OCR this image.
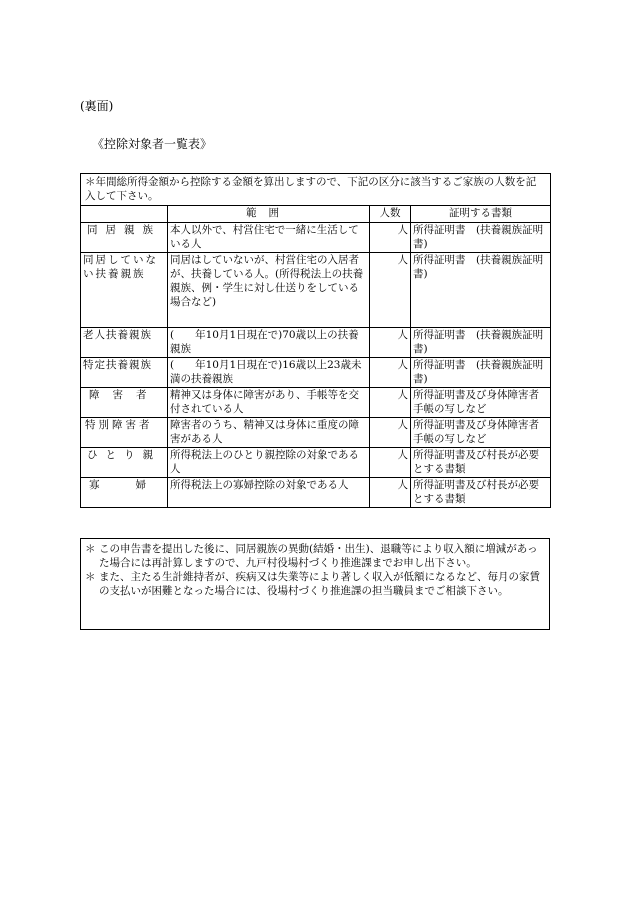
(裏面)
《控除対象者一覧表》
＊年間総所得金額から控除する金額を算出しますので、下記の区分に該当するご家族の人数を記入して下さい。			
	範囲	人数	証明する書類
同居親族	本人以外で、村営住宅で一緒に生活している人	人	所得証明書　(扶養親族証明書)
同居していない扶養親族	同居はしていないが、村営住宅の入居者が、扶養している人。(所得税法上の扶養親族、例・学生に対し仕送りをしている場合など)	人	所得証明書　(扶養親族証明書)
老人扶養親族	(　　年10月1日現在で)70歳以上の扶養親族	人	所得証明書　(扶養親族証明書)
特定扶養親族	(　　年10月1日現在で)16歳以上23歳未満の扶養親族	人	所得証明書　(扶養親族証明書)
障害者	精神又は身体に障害があり、手帳等を交付されている人	人	所得証明書及び身体障害者手帳の写しなど
特別障害者	障害者のうち、精神又は身体に重度の障害がある人	人	所得証明書及び身体障害者手帳の写しなど
ひとり親	所得税法上のひとり親控除の対象である人	人	所得証明書及び村長が必要とする書類
寡婦	所得税法上の寡婦控除の対象である人	人	所得証明書及び村長が必要とする書類
＊ この申告書を提出した後に、同居親族の異動(結婚・出生)、退職等により収入額に増減があった場合には再計算しますので、九戸村役場村づくり推進課までお申し出下さい。
＊ また、主たる生計維持者が、疾病又は失業等により著しく収入が低額になるなど、毎月の家賃の支払いが困難となった場合には、役場村づくり推進課の担当職員までご相談下さい。
